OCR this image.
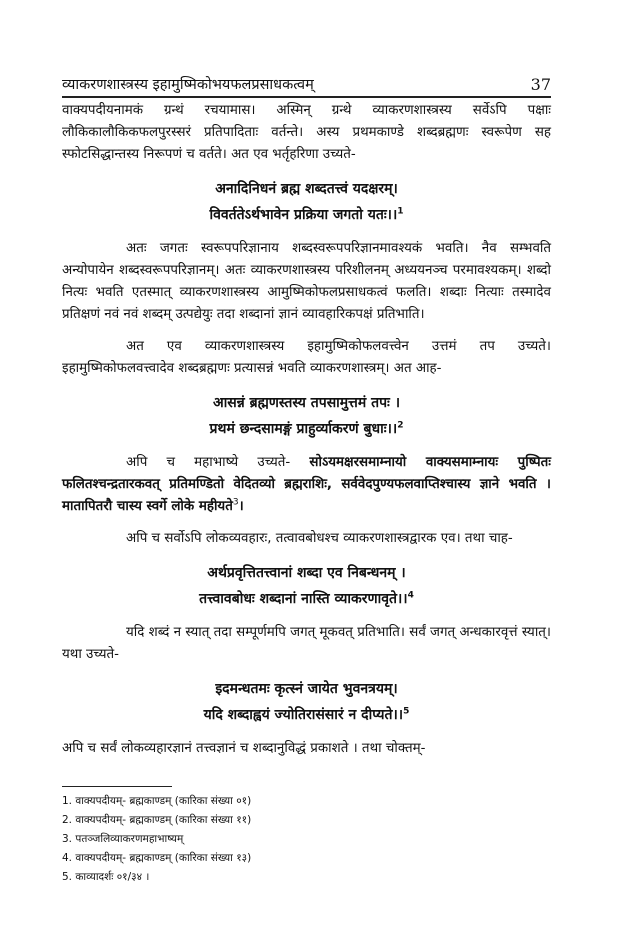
व्याकरणशास्त्रस्य इहामुष्मिकोभयफलप्रसाधकत्वम्	37

वाक्यपदीयनामकं ग्रन्थं रचयामास। अस्मिन् ग्रन्थे व्याकरणशास्त्रस्य सर्वेऽपि पक्षाः लौकिकालौकिकफलपुरस्सरं प्रतिपादिताः वर्तन्ते। अस्य प्रथमकाण्डे शब्दब्रह्मणः स्वरूपेण सह स्फोटसिद्धान्तस्य निरूपणं च वर्तते। अत एव भर्तृहरिणा उच्यते-

अनादिनिधनं ब्रह्म शब्दतत्त्वं यदक्षरम्।
विवर्ततेऽर्थभावेन प्रक्रिया जगतो यतः।।$^1$

अतः जगतः स्वरूपपरिज्ञानाय शब्दस्वरूपपरिज्ञानमावश्यकं भवति। नैव सम्भवति अन्योपायेन शब्दस्वरूपपरिज्ञानम्। अतः व्याकरणशास्त्रस्य परिशीलनम् अध्ययनञ्च परमावश्यकम्। शब्दो नित्यः भवति एतस्मात् व्याकरणशास्त्रस्य आमुष्मिकोफलप्रसाधकत्वं फलति। शब्दाः नित्याः तस्मादेव प्रतिक्षणं नवं नवं शब्दम् उत्पद्येयुः तदा शब्दानां ज्ञानं व्यावहारिकपक्षं प्रतिभाति।

अत एव व्याकरणशास्त्रस्य इहामुष्मिकोफलवत्त्वेन उत्तमं तप उच्यते। इहामुष्मिकोफलवत्त्वादेव शब्दब्रह्मणः प्रत्यासन्नं भवति व्याकरणशास्त्रम्। अत आह-

आसन्नं ब्रह्मणस्तस्य तपसामुत्तमं तपः ।
प्रथमं छन्दसामङ्गं प्राहुर्व्याकरणं बुधाः।।$^2$

अपि च महाभाष्ये उच्यते- सोऽयमक्षरसमाम्नायो वाक्यसमाम्नायः पुष्पितः फलितश्चन्द्रतारकवत् प्रतिमण्डितो वेदितव्यो ब्रह्मराशिः, सर्ववेदपुण्यफलवाप्तिश्चास्य ज्ञाने भवति । मातापितरौ चास्य स्वर्गे लोके महीयते$^3$।

अपि च सर्वोऽपि लोकव्यवहारः, तत्वावबोधश्च व्याकरणशास्त्रद्वारक एव। तथा चाह-

अर्थप्रवृत्तितत्त्वानां शब्दा एव निबन्धनम् ।
तत्त्वावबोधः शब्दानां नास्ति व्याकरणावृते।।$^4$

यदि शब्दं न स्यात् तदा सम्पूर्णमपि जगत् मूकवत् प्रतिभाति। सर्वं जगत् अन्धकारवृत्तं स्यात्। यथा उच्यते-

इदमन्धतमः कृत्स्नं जायेत भुवनत्रयम्।
यदि शब्दाह्वयं ज्योतिरासंसारं न दीप्यते।।$^5$

अपि च सर्वं लोकव्यहारज्ञानं तत्त्वज्ञानं च शब्दानुविद्धं प्रकाशते । तथा चोक्तम्-

1. वाक्यपदीयम्- ब्रह्मकाण्डम् (कारिका संख्या ०१)
2. वाक्यपदीयम्- ब्रह्मकाण्डम् (कारिका संख्या ११)
3. पतञ्जलिव्याकरणमहाभाष्यम्
4. वाक्यपदीयम्- ब्रह्मकाण्डम् (कारिका संख्या १३)
5. काव्यादर्शः ०१/३४ ।
